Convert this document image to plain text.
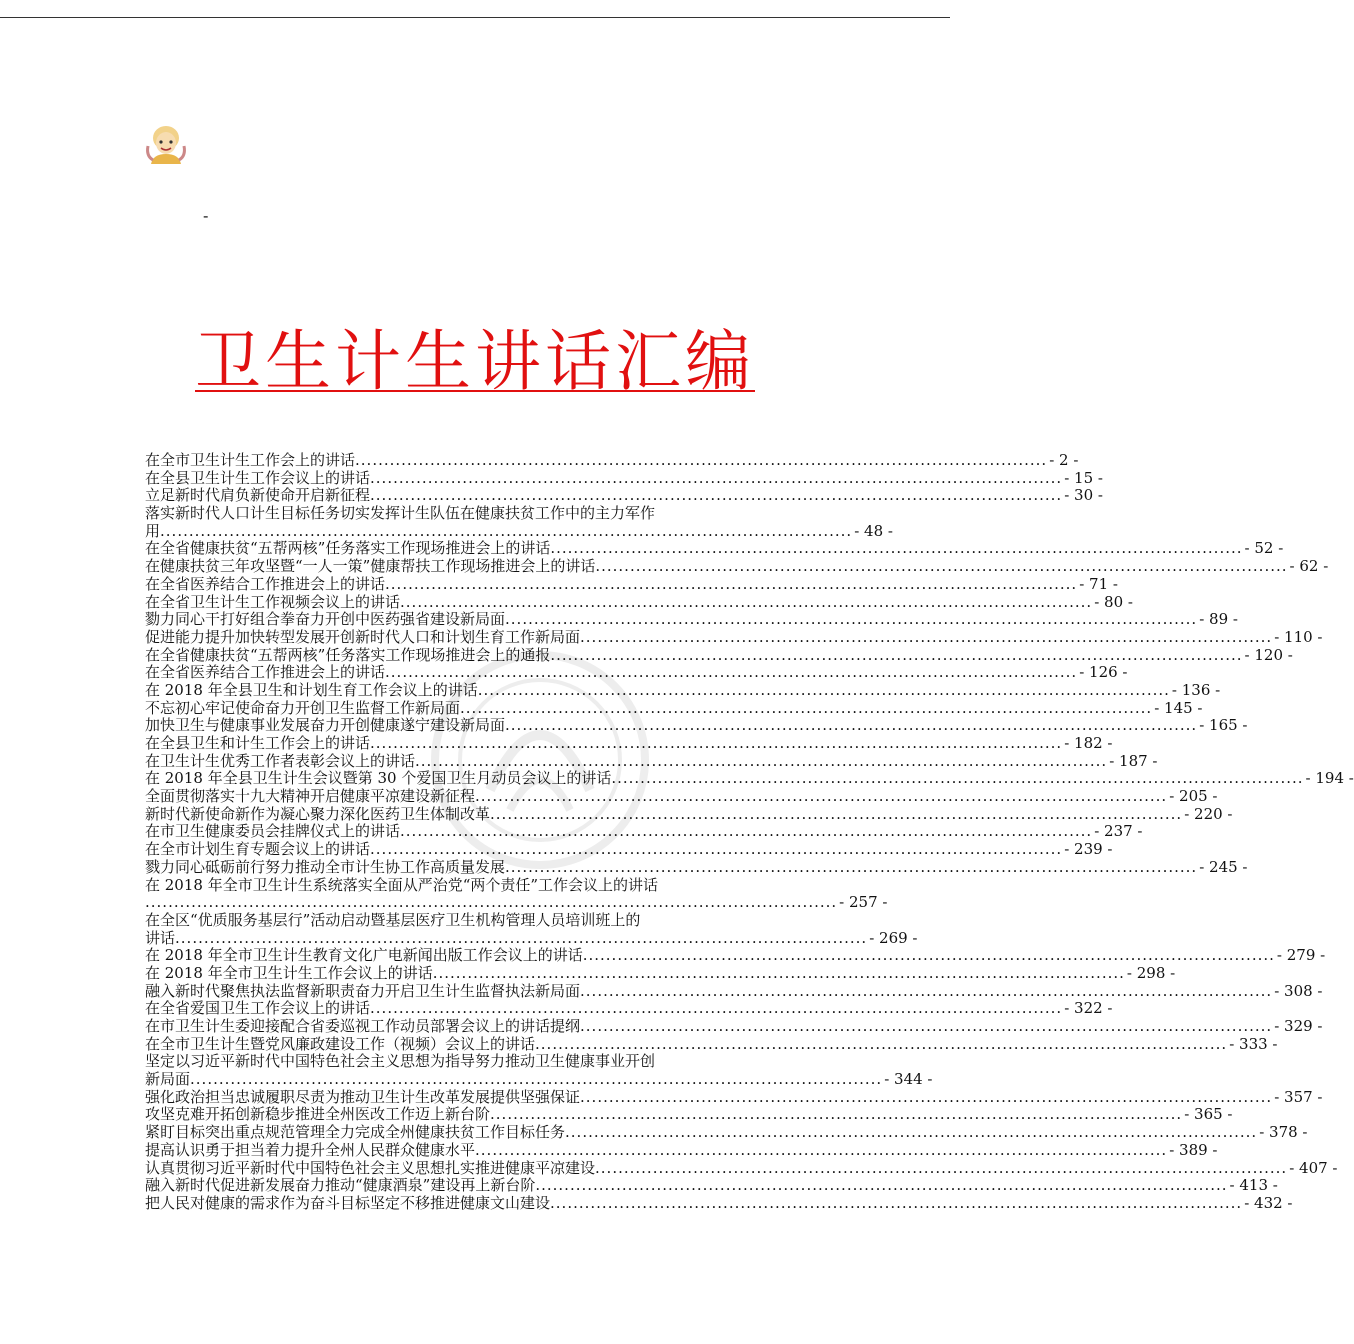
-
卫生计生讲话汇编
在全市卫生计生工作会上的讲话 ........................................................................................................................ - 2 -
在全县卫生计生工作会议上的讲话 ........................................................................................................................ - 15 -
立足新时代肩负新使命开启新征程 ........................................................................................................................ - 30 -
落实新时代人口计生目标任务切实发挥计生队伍在健康扶贫工作中的主力军作
用 ........................................................................................................................ - 48 -
在全省健康扶贫“五帮两核”任务落实工作现场推进会上的讲话 ........................................................................................................................ - 52 -
在健康扶贫三年攻坚暨“一人一策”健康帮扶工作现场推进会上的讲话 ........................................................................................................................ - 62 -
在全省医养结合工作推进会上的讲话 ........................................................................................................................ - 71 -
在全省卫生计生工作视频会议上的讲话 ........................................................................................................................ - 80 -
勠力同心干打好组合拳奋力开创中医药强省建设新局面 ........................................................................................................................ - 89 -
促进能力提升加快转型发展开创新时代人口和计划生育工作新局面 ........................................................................................................................ - 110 -
在全省健康扶贫“五帮两核”任务落实工作现场推进会上的通报 ........................................................................................................................ - 120 -
在全省医养结合工作推进会上的讲话 ........................................................................................................................ - 126 -
在 2018 年全县卫生和计划生育工作会议上的讲话 ........................................................................................................................ - 136 -
不忘初心牢记使命奋力开创卫生监督工作新局面 ........................................................................................................................ - 145 -
加快卫生与健康事业发展奋力开创健康遂宁建设新局面 ........................................................................................................................ - 165 -
在全县卫生和计生工作会上的讲话 ........................................................................................................................ - 182 -
在卫生计生优秀工作者表彰会议上的讲话 ........................................................................................................................ - 187 -
在 2018 年全县卫生计生会议暨第 30 个爱国卫生月动员会议上的讲话 ........................................................................................................................ - 194 -
全面贯彻落实十九大精神开启健康平凉建设新征程 ........................................................................................................................ - 205 -
新时代新使命新作为凝心聚力深化医药卫生体制改革 ........................................................................................................................ - 220 -
在市卫生健康委员会挂牌仪式上的讲话 ........................................................................................................................ - 237 -
在全市计划生育专题会议上的讲话 ........................................................................................................................ - 239 -
戮力同心砥砺前行努力推动全市计生协工作高质量发展 ........................................................................................................................ - 245 -
在 2018 年全市卫生计生系统落实全面从严治党“两个责任”工作会议上的讲话
........................................................................................................................ - 257 -
在全区“优质服务基层行”活动启动暨基层医疗卫生机构管理人员培训班上的
讲话 ........................................................................................................................ - 269 -
在 2018 年全市卫生计生教育文化广电新闻出版工作会议上的讲话 ........................................................................................................................ - 279 -
在 2018 年全市卫生计生工作会议上的讲话 ........................................................................................................................ - 298 -
融入新时代聚焦执法监督新职责奋力开启卫生计生监督执法新局面 ........................................................................................................................ - 308 -
在全省爱国卫生工作会议上的讲话 ........................................................................................................................ - 322 -
在市卫生计生委迎接配合省委巡视工作动员部署会议上的讲话提纲 ........................................................................................................................ - 329 -
在全市卫生计生暨党风廉政建设工作（视频）会议上的讲话 ........................................................................................................................ - 333 -
坚定以习近平新时代中国特色社会主义思想为指导努力推动卫生健康事业开创
新局面 ........................................................................................................................ - 344 -
强化政治担当忠诚履职尽责为推动卫生计生改革发展提供坚强保证 ........................................................................................................................ - 357 -
攻坚克难开拓创新稳步推进全州医改工作迈上新台阶 ........................................................................................................................ - 365 -
紧盯目标突出重点规范管理全力完成全州健康扶贫工作目标任务 ........................................................................................................................ - 378 -
提高认识勇于担当着力提升全州人民群众健康水平 ........................................................................................................................ - 389 -
认真贯彻习近平新时代中国特色社会主义思想扎实推进健康平凉建设 ........................................................................................................................ - 407 -
融入新时代促进新发展奋力推动“健康酒泉”建设再上新台阶 ........................................................................................................................ - 413 -
把人民对健康的需求作为奋斗目标坚定不移推进健康文山建设 ........................................................................................................................ - 432 -
